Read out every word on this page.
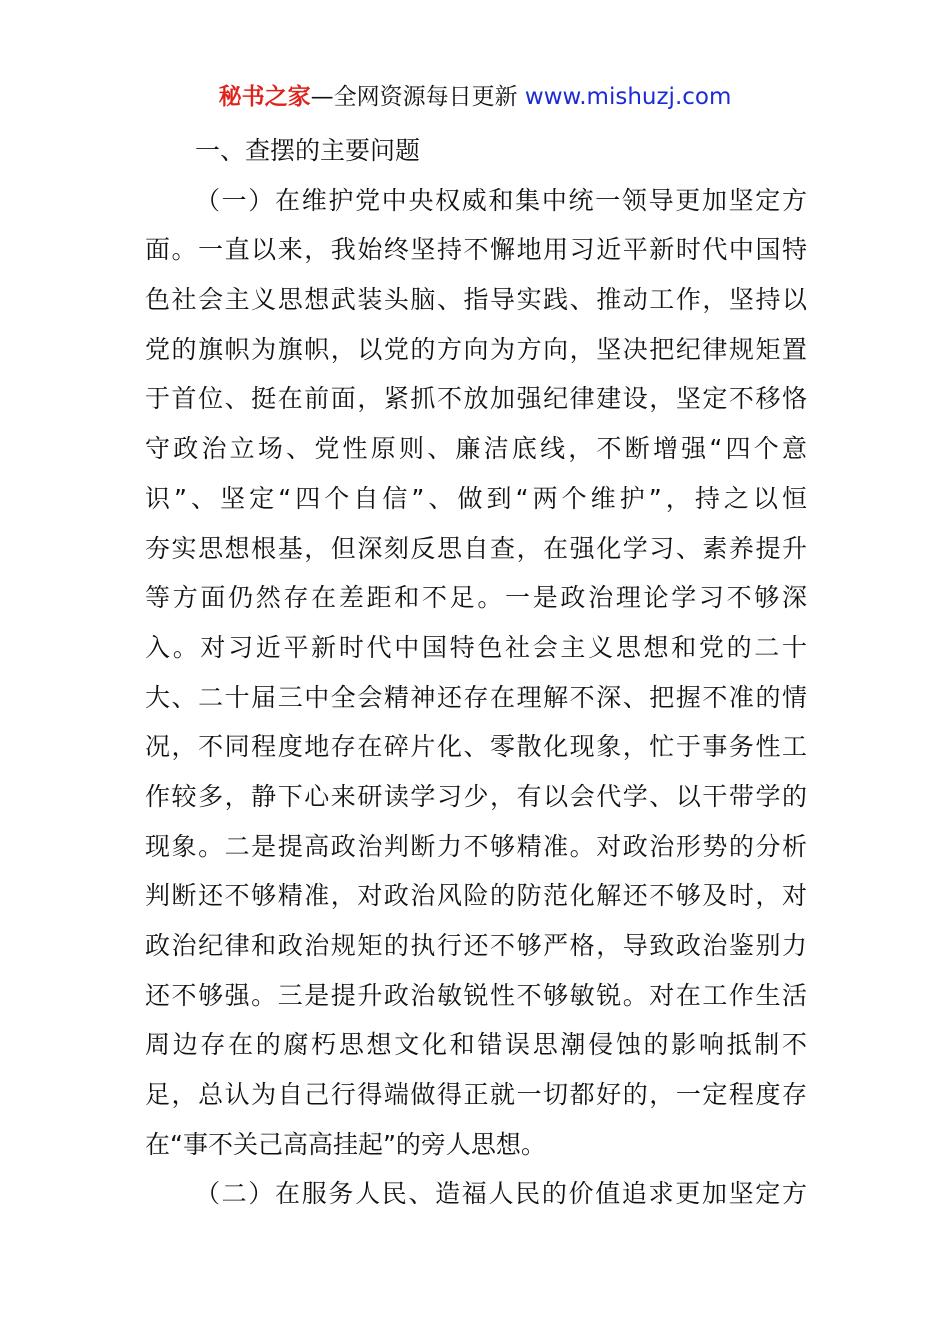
秘书之家—全网资源每日更新 www.mishuzj.com
一、查摆的主要问题
（一）在维护党中央权威和集中统一领导更加坚定方
面。一直以来，我始终坚持不懈地用习近平新时代中国特
色社会主义思想武装头脑、指导实践、推动工作，坚持以
党的旗帜为旗帜，以党的方向为方向，坚决把纪律规矩置
于首位、挺在前面，紧抓不放加强纪律建设，坚定不移恪
守政治立场、党性原则、廉洁底线，不断增强“四个意
识”、坚定“四个自信”、做到“两个维护”，持之以恒
夯实思想根基，但深刻反思自查，在强化学习、素养提升
等方面仍然存在差距和不足。一是政治理论学习不够深
入。对习近平新时代中国特色社会主义思想和党的二十
大、二十届三中全会精神还存在理解不深、把握不准的情
况，不同程度地存在碎片化、零散化现象，忙于事务性工
作较多，静下心来研读学习少，有以会代学、以干带学的
现象。二是提高政治判断力不够精准。对政治形势的分析
判断还不够精准，对政治风险的防范化解还不够及时，对
政治纪律和政治规矩的执行还不够严格，导致政治鉴别力
还不够强。三是提升政治敏锐性不够敏锐。对在工作生活
周边存在的腐朽思想文化和错误思潮侵蚀的影响抵制不
足，总认为自己行得端做得正就一切都好的，一定程度存
在“事不关己高高挂起”的旁人思想。
（二）在服务人民、造福人民的价值追求更加坚定方
